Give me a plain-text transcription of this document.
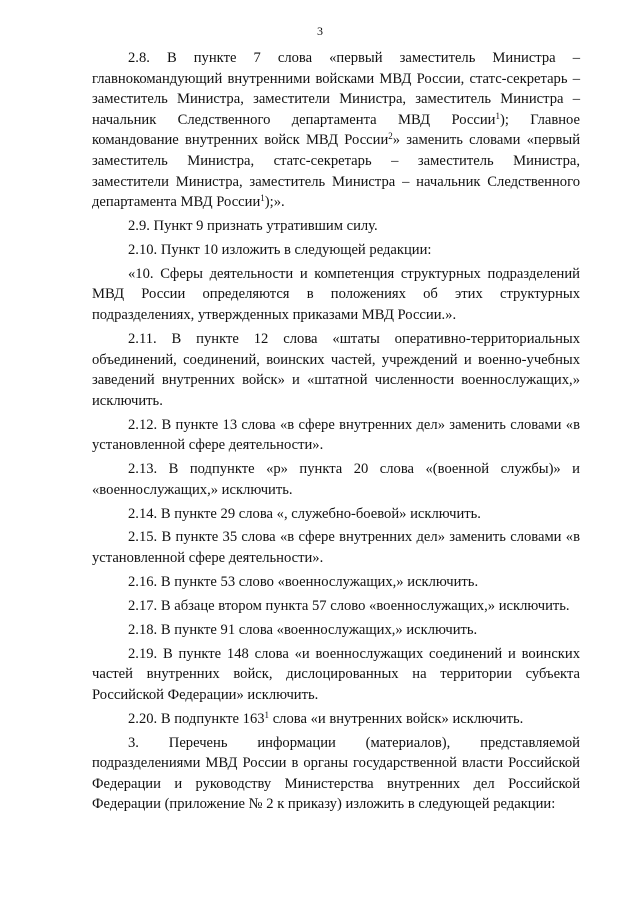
3

2.8. В пункте 7 слова «первый заместитель Министра – главнокомандующий внутренними войсками МВД России, статс-секретарь – заместитель Министра, заместители Министра, заместитель Министра – начальник Следственного департамента МВД России$^1$); Главное командование внутренних войск МВД России$^2$» заменить словами «первый заместитель Министра, статс-секретарь – заместитель Министра, заместители Министра, заместитель Министра – начальник Следственного департамента МВД России$^1$);».

2.9. Пункт 9 признать утратившим силу.

2.10. Пункт 10 изложить в следующей редакции:

«10. Сферы деятельности и компетенция структурных подразделений МВД России определяются в положениях об этих структурных подразделениях, утвержденных приказами МВД России.».

2.11. В пункте 12 слова «штаты оперативно-территориальных объединений, соединений, воинских частей, учреждений и военно-учебных заведений внутренних войск» и «штатной численности военнослужащих,» исключить.

2.12. В пункте 13 слова «в сфере внутренних дел» заменить словами «в установленной сфере деятельности».

2.13. В подпункте «р» пункта 20 слова «(военной службы)» и «военнослужащих,» исключить.

2.14. В пункте 29 слова «, служебно-боевой» исключить.

2.15. В пункте 35 слова «в сфере внутренних дел» заменить словами «в установленной сфере деятельности».

2.16. В пункте 53 слово «военнослужащих,» исключить.

2.17. В абзаце втором пункта 57 слово «военнослужащих,» исключить.

2.18. В пункте 91 слова «военнослужащих,» исключить.

2.19. В пункте 148 слова «и военнослужащих соединений и воинских частей внутренних войск, дислоцированных на территории субъекта Российской Федерации» исключить.

2.20. В подпункте $163^1$ слова «и внутренних войск» исключить.

3. Перечень информации (материалов), представляемой подразделениями МВД России в органы государственной власти Российской Федерации и руководству Министерства внутренних дел Российской Федерации (приложение № 2 к приказу) изложить в следующей редакции:
